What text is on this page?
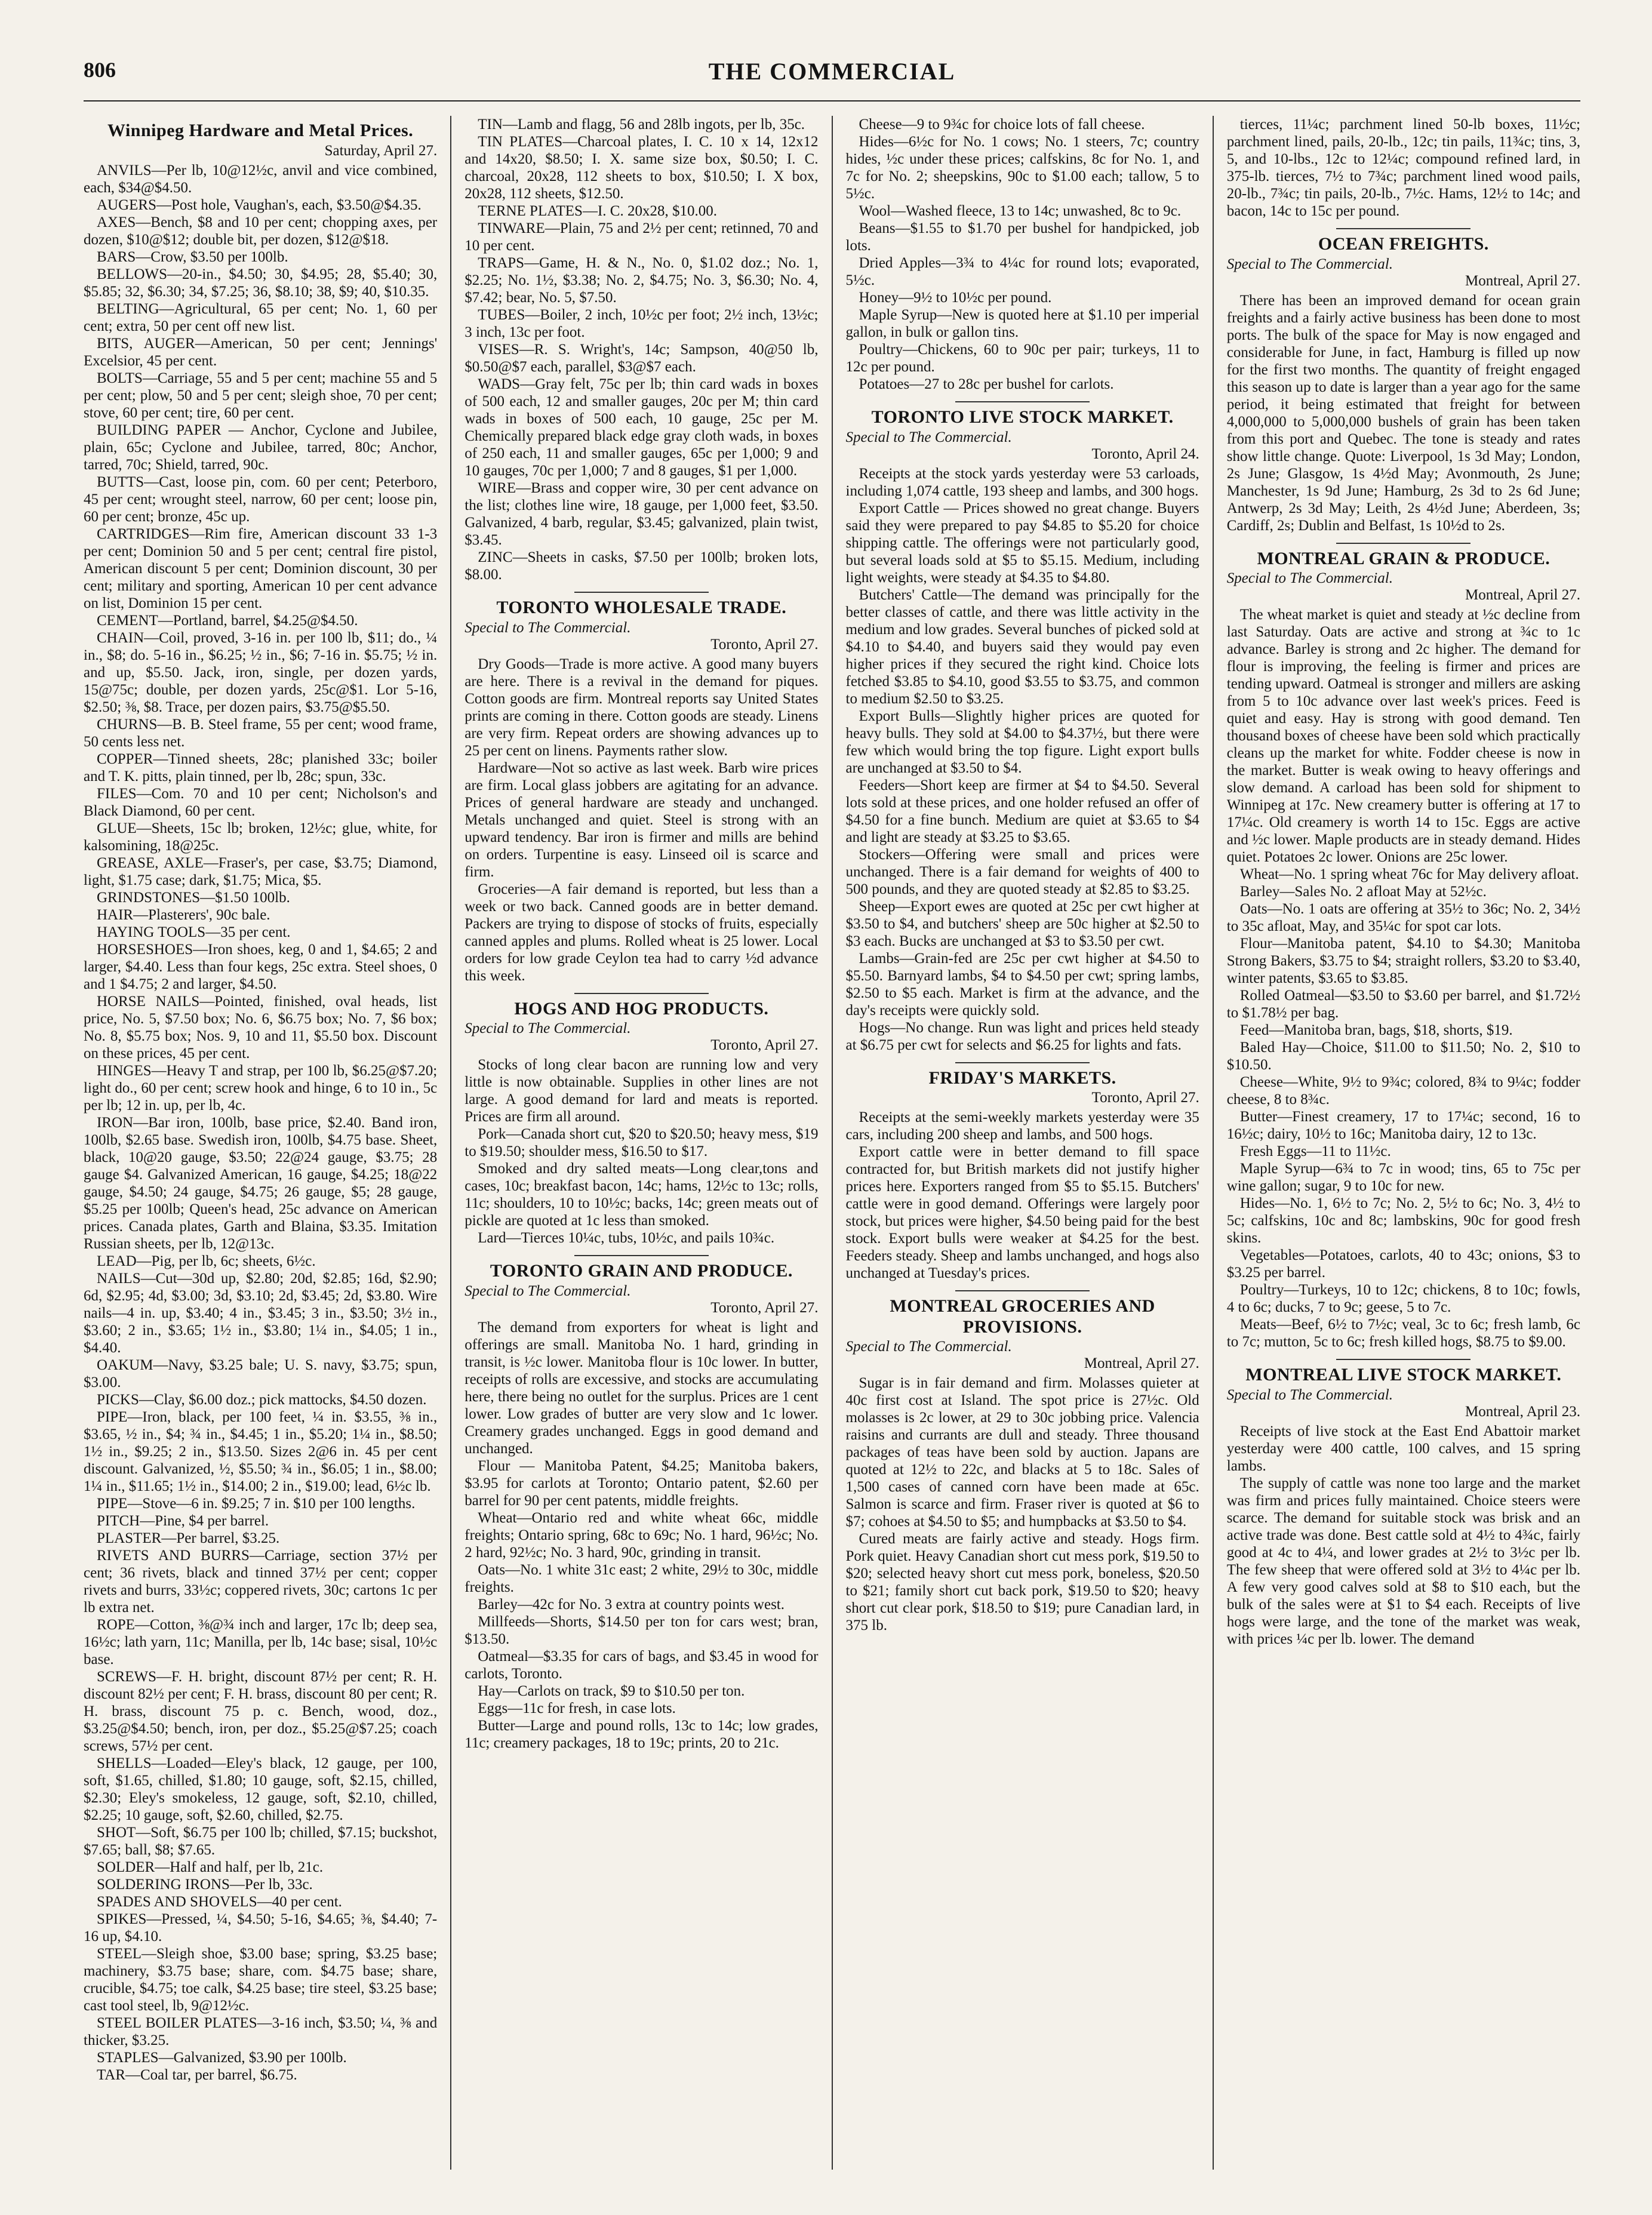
806	THE COMMERCIAL
Winnipeg Hardware and Metal Prices.
Saturday, April 27.

ANVILS—Per lb, 10@12½c, anvil and vice combined, each, $34@$4.50.

AUGERS—Post hole, Vaughan's, each, $3.50@$4.35.

AXES—Bench, $8 and 10 per cent; chopping axes, per dozen, $10@$12; double bit, per dozen, $12@$18.

BARS—Crow, $3.50 per 100lb.

BELLOWS—20-in., $4.50; 30, $4.95; 28, $5.40; 30, $5.85; 32, $6.30; 34, $7.25; 36, $8.10; 38, $9; 40, $10.35.

BELTING—Agricultural, 65 per cent; No. 1, 60 per cent; extra, 50 per cent off new list.

BITS, AUGER—American, 50 per cent; Jennings' Excelsior, 45 per cent.

BOLTS—Carriage, 55 and 5 per cent; machine 55 and 5 per cent; plow, 50 and 5 per cent; sleigh shoe, 70 per cent; stove, 60 per cent; tire, 60 per cent.

BUILDING PAPER — Anchor, Cyclone and Jubilee, plain, 65c; Cyclone and Jubilee, tarred, 80c; Anchor, tarred, 70c; Shield, tarred, 90c.

BUTTS—Cast, loose pin, com. 60 per cent; Peterboro, 45 per cent; wrought steel, narrow, 60 per cent; loose pin, 60 per cent; bronze, 45c up.

CARTRIDGES—Rim fire, American discount 33 1-3 per cent; Dominion 50 and 5 per cent; central fire pistol, American discount 5 per cent; Dominion discount, 30 per cent; military and sporting, American 10 per cent advance on list, Dominion 15 per cent.

CEMENT—Portland, barrel, $4.25@$4.50.

CHAIN—Coil, proved, 3-16 in. per 100 lb, $11; do., ¼ in., $8; do. 5-16 in., $6.25; ½ in., $6; 7-16 in. $5.75; ½ in. and up, $5.50. Jack, iron, single, per dozen yards, 15@75c; double, per dozen yards, 25c@$1. Lor 5-16, $2.50; ⅜, $8. Trace, per dozen pairs, $3.75@$5.50.

CHURNS—B. B. Steel frame, 55 per cent; wood frame, 50 cents less net.

COPPER—Tinned sheets, 28c; planished 33c; boiler and T. K. pitts, plain tinned, per lb, 28c; spun, 33c.

FILES—Com. 70 and 10 per cent; Nicholson's and Black Diamond, 60 per cent.

GLUE—Sheets, 15c lb; broken, 12½c; glue, white, for kalsomining, 18@25c.

GREASE, AXLE—Fraser's, per case, $3.75; Diamond, light, $1.75 case; dark, $1.75; Mica, $5.

GRINDSTONES—$1.50 100lb.

HAIR—Plasterers', 90c bale.

HAYING TOOLS—35 per cent.

HORSESHOES—Iron shoes, keg, 0 and 1, $4.65; 2 and larger, $4.40. Less than four kegs, 25c extra. Steel shoes, 0 and 1 $4.75; 2 and larger, $4.50.

HORSE NAILS—Pointed, finished, oval heads, list price, No. 5, $7.50 box; No. 6, $6.75 box; No. 7, $6 box; No. 8, $5.75 box; Nos. 9, 10 and 11, $5.50 box. Discount on these prices, 45 per cent.

HINGES—Heavy T and strap, per 100 lb, $6.25@$7.20; light do., 60 per cent; screw hook and hinge, 6 to 10 in., 5c per lb; 12 in. up, per lb, 4c.

IRON—Bar iron, 100lb, base price, $2.40. Band iron, 100lb, $2.65 base. Swedish iron, 100lb, $4.75 base. Sheet, black, 10@20 gauge, $3.50; 22@24 gauge, $3.75; 28 gauge $4. Galvanized American, 16 gauge, $4.25; 18@22 gauge, $4.50; 24 gauge, $4.75; 26 gauge, $5; 28 gauge, $5.25 per 100lb; Queen's head, 25c advance on American prices. Canada plates, Garth and Blaina, $3.35. Imitation Russian sheets, per lb, 12@13c.

LEAD—Pig, per lb, 6c; sheets, 6½c.

NAILS—Cut—30d up, $2.80; 20d, $2.85; 16d, $2.90; 6d, $2.95; 4d, $3.00; 3d, $3.10; 2d, $3.45; 2d, $3.80. Wire nails—4 in. up, $3.40; 4 in., $3.45; 3 in., $3.50; 3½ in., $3.60; 2 in., $3.65; 1½ in., $3.80; 1¼ in., $4.05; 1 in., $4.40.

OAKUM—Navy, $3.25 bale; U. S. navy, $3.75; spun, $3.00.

PICKS—Clay, $6.00 doz.; pick mattocks, $4.50 dozen.

PIPE—Iron, black, per 100 feet, ¼ in. $3.55, ⅜ in., $3.65, ½ in., $4; ¾ in., $4.45; 1 in., $5.20; 1¼ in., $8.50; 1½ in., $9.25; 2 in., $13.50. Sizes 2@6 in. 45 per cent discount. Galvanized, ½, $5.50; ¾ in., $6.05; 1 in., $8.00; 1¼ in., $11.65; 1½ in., $14.00; 2 in., $19.00; lead, 6½c lb.

PIPE—Stove—6 in. $9.25; 7 in. $10 per 100 lengths.

PITCH—Pine, $4 per barrel.

PLASTER—Per barrel, $3.25.

RIVETS AND BURRS—Carriage, section 37½ per cent; 36 rivets, black and tinned 37½ per cent; copper rivets and burrs, 33½c; coppered rivets, 30c; cartons 1c per lb extra net.

ROPE—Cotton, ⅜@¾ inch and larger, 17c lb; deep sea, 16½c; lath yarn, 11c; Manilla, per lb, 14c base; sisal, 10½c base.

SCREWS—F. H. bright, discount 87½ per cent; R. H. discount 82½ per cent; F. H. brass, discount 80 per cent; R. H. brass, discount 75 p. c. Bench, wood, doz., $3.25@$4.50; bench, iron, per doz., $5.25@$7.25; coach screws, 57½ per cent.

SHELLS—Loaded—Eley's black, 12 gauge, per 100, soft, $1.65, chilled, $1.80; 10 gauge, soft, $2.15, chilled, $2.30; Eley's smokeless, 12 gauge, soft, $2.10, chilled, $2.25; 10 gauge, soft, $2.60, chilled, $2.75.

SHOT—Soft, $6.75 per 100 lb; chilled, $7.15; buckshot, $7.65; ball, $8; $7.65.

SOLDER—Half and half, per lb, 21c.

SOLDERING IRONS—Per lb, 33c.

SPADES AND SHOVELS—40 per cent.

SPIKES—Pressed, ¼, $4.50; 5-16, $4.65; ⅜, $4.40; 7-16 up, $4.10.

STEEL—Sleigh shoe, $3.00 base; spring, $3.25 base; machinery, $3.75 base; share, com. $4.75 base; share, crucible, $4.75; toe calk, $4.25 base; tire steel, $3.25 base; cast tool steel, lb, 9@12½c.

STEEL BOILER PLATES—3-16 inch, $3.50; ¼, ⅜ and thicker, $3.25.

STAPLES—Galvanized, $3.90 per 100lb.

TAR—Coal tar, per barrel, $6.75.

TIN—Lamb and flagg, 56 and 28lb ingots, per lb, 35c.

TIN PLATES—Charcoal plates, I. C. 10 x 14, 12x12 and 14x20, $8.50; I. X. same size box, $0.50; I. C. charcoal, 20x28, 112 sheets to box, $10.50; I. X box, 20x28, 112 sheets, $12.50.

TERNE PLATES—I. C. 20x28, $10.00.

TINWARE—Plain, 75 and 2½ per cent; retinned, 70 and 10 per cent.

TRAPS—Game, H. & N., No. 0, $1.02 doz.; No. 1, $2.25; No. 1½, $3.38; No. 2, $4.75; No. 3, $6.30; No. 4, $7.42; bear, No. 5, $7.50.

TUBES—Boiler, 2 inch, 10½c per foot; 2½ inch, 13½c; 3 inch, 13c per foot.

VISES—R. S. Wright's, 14c; Sampson, 40@50 lb, $0.50@$7 each, parallel, $3@$7 each.

WADS—Gray felt, 75c per lb; thin card wads in boxes of 500 each, 12 and smaller gauges, 20c per M; thin card wads in boxes of 500 each, 10 gauge, 25c per M. Chemically prepared black edge gray cloth wads, in boxes of 250 each, 11 and smaller gauges, 65c per 1,000; 9 and 10 gauges, 70c per 1,000; 7 and 8 gauges, $1 per 1,000.

WIRE—Brass and copper wire, 30 per cent advance on the list; clothes line wire, 18 gauge, per 1,000 feet, $3.50. Galvanized, 4 barb, regular, $3.45; galvanized, plain twist, $3.45.

ZINC—Sheets in casks, $7.50 per 100lb; broken lots, $8.00.

TORONTO WHOLESALE TRADE.
Special to The Commercial.
Toronto, April 27.

Dry Goods—Trade is more active. A good many buyers are here. There is a revival in the demand for piques. Cotton goods are firm. Montreal reports say United States prints are coming in there. Cotton goods are steady. Linens are very firm. Repeat orders are showing advances up to 25 per cent on linens. Payments rather slow.

Hardware—Not so active as last week. Barb wire prices are firm. Local glass jobbers are agitating for an advance. Prices of general hardware are steady and unchanged. Metals unchanged and quiet. Steel is strong with an upward tendency. Bar iron is firmer and mills are behind on orders. Turpentine is easy. Linseed oil is scarce and firm.

Groceries—A fair demand is reported, but less than a week or two back. Canned goods are in better demand. Packers are trying to dispose of stocks of fruits, especially canned apples and plums. Rolled wheat is 25 lower. Local orders for low grade Ceylon tea had to carry ½d advance this week.

HOGS AND HOG PRODUCTS.
Special to The Commercial.
Toronto, April 27.

Stocks of long clear bacon are running low and very little is now obtainable. Supplies in other lines are not large. A good demand for lard and meats is reported. Prices are firm all around.

Pork—Canada short cut, $20 to $20.50; heavy mess, $19 to $19.50; shoulder mess, $16.50 to $17.

Smoked and dry salted meats—Long clear,tons and cases, 10c; breakfast bacon, 14c; hams, 12½c to 13c; rolls, 11c; shoulders, 10 to 10½c; backs, 14c; green meats out of pickle are quoted at 1c less than smoked.

Lard—Tierces 10¼c, tubs, 10½c, and pails 10¾c.

TORONTO GRAIN AND PRODUCE.
Special to The Commercial.
Toronto, April 27.

The demand from exporters for wheat is light and offerings are small. Manitoba No. 1 hard, grinding in transit, is ½c lower. Manitoba flour is 10c lower. In butter, receipts of rolls are excessive, and stocks are accumulating here, there being no outlet for the surplus. Prices are 1 cent lower. Low grades of butter are very slow and 1c lower. Creamery grades unchanged. Eggs in good demand and unchanged.

Flour — Manitoba Patent, $4.25; Manitoba bakers, $3.95 for carlots at Toronto; Ontario patent, $2.60 per barrel for 90 per cent patents, middle freights.

Wheat—Ontario red and white wheat 66c, middle freights; Ontario spring, 68c to 69c; No. 1 hard, 96½c; No. 2 hard, 92½c; No. 3 hard, 90c, grinding in transit.

Oats—No. 1 white 31c east; 2 white, 29½ to 30c, middle freights.

Barley—42c for No. 3 extra at country points west.

Millfeeds—Shorts, $14.50 per ton for cars west; bran, $13.50.

Oatmeal—$3.35 for cars of bags, and $3.45 in wood for carlots, Toronto.

Hay—Carlots on track, $9 to $10.50 per ton.

Eggs—11c for fresh, in case lots.

Butter—Large and pound rolls, 13c to 14c; low grades, 11c; creamery packages, 18 to 19c; prints, 20 to 21c.

Cheese—9 to 9¾c for choice lots of fall cheese.

Hides—6½c for No. 1 cows; No. 1 steers, 7c; country hides, ½c under these prices; calfskins, 8c for No. 1, and 7c for No. 2; sheepskins, 90c to $1.00 each; tallow, 5 to 5½c.

Wool—Washed fleece, 13 to 14c; unwashed, 8c to 9c.

Beans—$1.55 to $1.70 per bushel for handpicked, job lots.

Dried Apples—3¾ to 4¼c for round lots; evaporated, 5½c.

Honey—9½ to 10½c per pound.

Maple Syrup—New is quoted here at $1.10 per imperial gallon, in bulk or gallon tins.

Poultry—Chickens, 60 to 90c per pair; turkeys, 11 to 12c per pound.

Potatoes—27 to 28c per bushel for carlots.

TORONTO LIVE STOCK MARKET.
Special to The Commercial.
Toronto, April 24.

Receipts at the stock yards yesterday were 53 carloads, including 1,074 cattle, 193 sheep and lambs, and 300 hogs.

Export Cattle — Prices showed no great change. Buyers said they were prepared to pay $4.85 to $5.20 for choice shipping cattle. The offerings were not particularly good, but several loads sold at $5 to $5.15. Medium, including light weights, were steady at $4.35 to $4.80.

Butchers' Cattle—The demand was principally for the better classes of cattle, and there was little activity in the medium and low grades. Several bunches of picked sold at $4.10 to $4.40, and buyers said they would pay even higher prices if they secured the right kind. Choice lots fetched $3.85 to $4.10, good $3.55 to $3.75, and common to medium $2.50 to $3.25.

Export Bulls—Slightly higher prices are quoted for heavy bulls. They sold at $4.00 to $4.37½, but there were few which would bring the top figure. Light export bulls are unchanged at $3.50 to $4.

Feeders—Short keep are firmer at $4 to $4.50. Several lots sold at these prices, and one holder refused an offer of $4.50 for a fine bunch. Medium are quiet at $3.65 to $4 and light are steady at $3.25 to $3.65.

Stockers—Offering were small and prices were unchanged. There is a fair demand for weights of 400 to 500 pounds, and they are quoted steady at $2.85 to $3.25.

Sheep—Export ewes are quoted at 25c per cwt higher at $3.50 to $4, and butchers' sheep are 50c higher at $2.50 to $3 each. Bucks are unchanged at $3 to $3.50 per cwt.

Lambs—Grain-fed are 25c per cwt higher at $4.50 to $5.50. Barnyard lambs, $4 to $4.50 per cwt; spring lambs, $2.50 to $5 each. Market is firm at the advance, and the day's receipts were quickly sold.

Hogs—No change. Run was light and prices held steady at $6.75 per cwt for selects and $6.25 for lights and fats.

FRIDAY'S MARKETS.
Toronto, April 27.

Receipts at the semi-weekly markets yesterday were 35 cars, including 200 sheep and lambs, and 500 hogs.

Export cattle were in better demand to fill space contracted for, but British markets did not justify higher prices here. Exporters ranged from $5 to $5.15. Butchers' cattle were in good demand. Offerings were largely poor stock, but prices were higher, $4.50 being paid for the best stock. Export bulls were weaker at $4.25 for the best. Feeders steady. Sheep and lambs unchanged, and hogs also unchanged at Tuesday's prices.

MONTREAL GROCERIES AND PROVISIONS.
Special to The Commercial.
Montreal, April 27.

Sugar is in fair demand and firm. Molasses quieter at 40c first cost at Island. The spot price is 27½c. Old molasses is 2c lower, at 29 to 30c jobbing price. Valencia raisins and currants are dull and steady. Three thousand packages of teas have been sold by auction. Japans are quoted at 12½ to 22c, and blacks at 5 to 18c. Sales of 1,500 cases of canned corn have been made at 65c. Salmon is scarce and firm. Fraser river is quoted at $6 to $7; cohoes at $4.50 to $5; and humpbacks at $3.50 to $4.

Cured meats are fairly active and steady. Hogs firm. Pork quiet. Heavy Canadian short cut mess pork, $19.50 to $20; selected heavy short cut mess pork, boneless, $20.50 to $21; family short cut back pork, $19.50 to $20; heavy short cut clear pork, $18.50 to $19; pure Canadian lard, in 375 lb.

tierces, 11¼c; parchment lined 50-lb boxes, 11½c; parchment lined, pails, 20-lb., 12c; tin pails, 11¾c; tins, 3, 5, and 10-lbs., 12c to 12¼c; compound refined lard, in 375-lb. tierces, 7½ to 7¾c; parchment lined wood pails, 20-lb., 7¾c; tin pails, 20-lb., 7½c. Hams, 12½ to 14c; and bacon, 14c to 15c per pound.

OCEAN FREIGHTS.
Special to The Commercial.
Montreal, April 27.

There has been an improved demand for ocean grain freights and a fairly active business has been done to most ports. The bulk of the space for May is now engaged and considerable for June, in fact, Hamburg is filled up now for the first two months. The quantity of freight engaged this season up to date is larger than a year ago for the same period, it being estimated that freight for between 4,000,000 to 5,000,000 bushels of grain has been taken from this port and Quebec. The tone is steady and rates show little change. Quote: Liverpool, 1s 3d May; London, 2s June; Glasgow, 1s 4½d May; Avonmouth, 2s June; Manchester, 1s 9d June; Hamburg, 2s 3d to 2s 6d June; Antwerp, 2s 3d May; Leith, 2s 4½d June; Aberdeen, 3s; Cardiff, 2s; Dublin and Belfast, 1s 10½d to 2s.

MONTREAL GRAIN & PRODUCE.
Special to The Commercial.
Montreal, April 27.

The wheat market is quiet and steady at ½c decline from last Saturday. Oats are active and strong at ¾c to 1c advance. Barley is strong and 2c higher. The demand for flour is improving, the feeling is firmer and prices are tending upward. Oatmeal is stronger and millers are asking from 5 to 10c advance over last week's prices. Feed is quiet and easy. Hay is strong with good demand. Ten thousand boxes of cheese have been sold which practically cleans up the market for white. Fodder cheese is now in the market. Butter is weak owing to heavy offerings and slow demand. A carload has been sold for shipment to Winnipeg at 17c. New creamery butter is offering at 17 to 17¼c. Old creamery is worth 14 to 15c. Eggs are active and ½c lower. Maple products are in steady demand. Hides quiet. Potatoes 2c lower. Onions are 25c lower.

Wheat—No. 1 spring wheat 76c for May delivery afloat.

Barley—Sales No. 2 afloat May at 52½c.

Oats—No. 1 oats are offering at 35½ to 36c; No. 2, 34½ to 35c afloat, May, and 35¼c for spot car lots.

Flour—Manitoba patent, $4.10 to $4.30; Manitoba Strong Bakers, $3.75 to $4; straight rollers, $3.20 to $3.40, winter patents, $3.65 to $3.85.

Rolled Oatmeal—$3.50 to $3.60 per barrel, and $1.72½ to $1.78½ per bag.

Feed—Manitoba bran, bags, $18, shorts, $19.

Baled Hay—Choice, $11.00 to $11.50; No. 2, $10 to $10.50.

Cheese—White, 9½ to 9¾c; colored, 8¾ to 9¼c; fodder cheese, 8 to 8¾c.

Butter—Finest creamery, 17 to 17¼c; second, 16 to 16½c; dairy, 10½ to 16c; Manitoba dairy, 12 to 13c.

Fresh Eggs—11 to 11½c.

Maple Syrup—6¾ to 7c in wood; tins, 65 to 75c per wine gallon; sugar, 9 to 10c for new.

Hides—No. 1, 6½ to 7c; No. 2, 5½ to 6c; No. 3, 4½ to 5c; calfskins, 10c and 8c; lambskins, 90c for good fresh skins.

Vegetables—Potatoes, carlots, 40 to 43c; onions, $3 to $3.25 per barrel.

Poultry—Turkeys, 10 to 12c; chickens, 8 to 10c; fowls, 4 to 6c; ducks, 7 to 9c; geese, 5 to 7c.

Meats—Beef, 6½ to 7½c; veal, 3c to 6c; fresh lamb, 6c to 7c; mutton, 5c to 6c; fresh killed hogs, $8.75 to $9.00.

MONTREAL LIVE STOCK MARKET.
Special to The Commercial.
Montreal, April 23.

Receipts of live stock at the East End Abattoir market yesterday were 400 cattle, 100 calves, and 15 spring lambs.

The supply of cattle was none too large and the market was firm and prices fully maintained. Choice steers were scarce. The demand for suitable stock was brisk and an active trade was done. Best cattle sold at 4½ to 4¾c, fairly good at 4c to 4¼, and lower grades at 2½ to 3½c per lb. The few sheep that were offered sold at 3½ to 4¼c per lb. A few very good calves sold at $8 to $10 each, but the bulk of the sales were at $1 to $4 each. Receipts of live hogs were large, and the tone of the market was weak, with prices ¼c per lb. lower. The demand
